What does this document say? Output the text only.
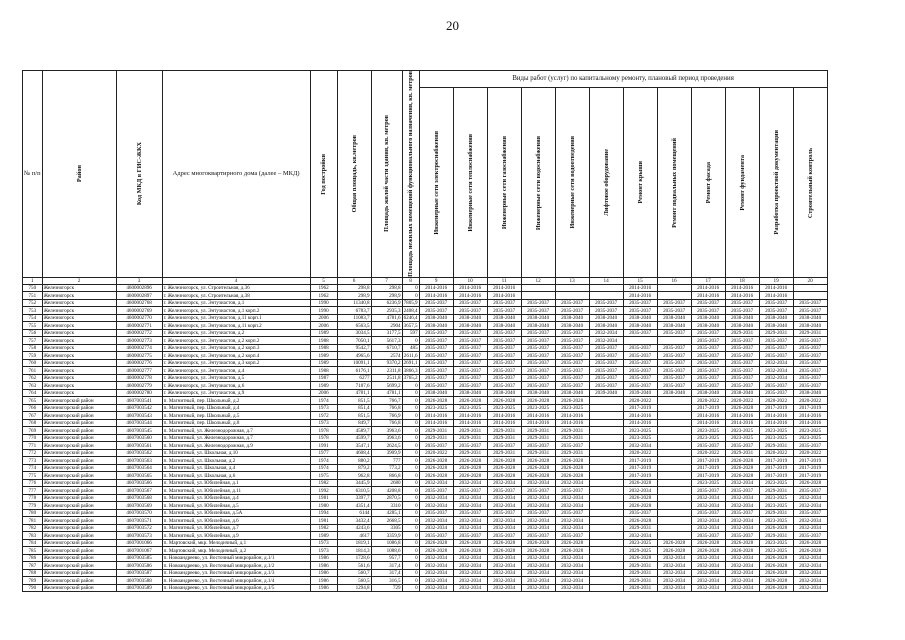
20
№ п/п	Район	Код МКД в ГИС-ЖКХ	Адрес многоквартирного дома (далее – МКД)	Год постройки	Общая площадь, кв.метров	Площадь жилой части здания, кв. метров	Площадь нежилых помещений функционального назначения, кв. метров	Виды работ (услуг) по капитальному ремонту, плановый период проведения											

								Инженерные сети электроснабжения	Инженерные сети теплоснабжения	Инженерные сети газоснабжения	Инженерные сети водоснабжения	Инженерные сети водоотведения	Лифтовое оборудование	Ремонт крыши	Ремонт подвальных помещений	Ремонт фасада	Ремонт фундамента	Разработка проектной документации	Строительный контроль

1	2	3	4	5	6	7	8	9	10	11	12	13	14	15	16	17	18	19	20
750	Железногорск	4600002896	г. Железногорск, ул. Строительная, д.36	1962	298,8	298,8	0	2014-2016	2014-2016	2014-2016				2014-2016		2014-2016	2014-2016	2014-2016	
751	Железногорск	4600002897	г. Железногорск, ул. Строительная, д.38	1962	298,9	298,9	0	2014-2016	2014-2016	2014-2016				2014-2016		2014-2016	2014-2016	2014-2016	
752	Железногорск	4600002768	г. Железногорск, ул. Энтузиастов, д.1	1990	11340,8	6236,9	7805,9	2035-2037	2035-2037	2035-2037	2035-2037	2035-2037	2035-2037	2035-2037	2035-2037	2035-2037	2035-2037	2035-2037	2035-2037
753	Железногорск	4600002769	г. Железногорск, ул. Энтузиастов, д.1 корп.2	1990	6783,7	2935,3	2408,4	2035-2037	2035-2037	2035-2037	2035-2037	2035-2037	2035-2037	2035-2037	2035-2037	2035-2037	2035-2037	2035-2037	2035-2037
754	Железногорск	4600002770	г. Железногорск, ул. Энтузиастов, д.11 корп.1	2006	11083,7	4781,6	6246,4	2038-2040	2038-2040	2038-2040	2038-2040	2038-2040	2038-2040	2038-2040	2038-2040	2038-2040	2038-2040	2038-2040	2038-2040
755	Железногорск	4600002771	г. Железногорск, ул. Энтузиастов, д.11 корп.2	2006	6563,5	2904	3657,5	2038-2040	2038-2040	2038-2040	2038-2040	2038-2040	2038-2040	2038-2040	2038-2040	2038-2040	2038-2040	2038-2040	2038-2040
756	Железногорск	4600002772	г. Железногорск, ул. Энтузиастов, д.2	1989	3034,5	3177,5	597	2035-2037	2035-2037	2035-2037	2035-2037	2035-2037	2032-2034	2035-2037	2035-2037	2035-2037	2029-2031	2029-2031	2029-2031
757	Железногорск	4600002773	г. Железногорск, ул. Энтузиастов, д.2 корп.2	1988	7050,1	5617,3	0	2035-2037	2035-2037	2035-2037	2035-2037	2035-2037	2032-2034			2035-2037	2035-2037	2035-2037	2035-2037
758	Железногорск	4600002774	г. Железногорск, ул. Энтузиастов, д.2 корп.3	1988	9542,7	6710,7	485	2035-2037	2035-2037	2035-2037	2035-2037	2035-2037	2035-2037	2035-2037	2035-2037	2035-2037	2035-2037	2035-2037	2035-2037
759	Железногорск	4600002775	г. Железногорск, ул. Энтузиастов, д.2 корп.4	1989	4965,6	2574	2611,6	2035-2037	2035-2037	2035-2037	2035-2037	2035-2037	2035-2037	2035-2037	2035-2037	2035-2037	2035-2037	2035-2037	2035-2037
760	Железногорск	4600002776	г. Железногорск, ул. Энтузиастов, д.3 корп.2	1989	10091,1	9370,2	2691,1	2035-2037	2035-2037	2035-2037	2035-2037	2035-2037	2035-2037	2035-2037	2035-2037	2035-2037	2035-2037	2032-2034	2035-2037
761	Железногорск	4600002777	г. Железногорск, ул. Энтузиастов, д.4	1988	6176,1	2311,8	3866,3	2035-2037	2035-2037	2035-2037	2035-2037	2035-2037	2035-2037	2035-2037	2035-2037	2035-2037	2035-2037	2032-2034	2035-2037
762	Железногорск	4600002778	г. Железногорск, ул. Энтузиастов, д.5	1987	6277	2511,8	3765,2	2035-2037	2035-2037	2035-2037	2035-2037	2035-2037	2035-2037	2035-2037	2035-2037	2035-2037	2035-2037	2032-2034	2035-2037
763	Железногорск	4600002779	г. Железногорск, ул. Энтузиастов, д.6	1989	7187,6	5699,2	0	2035-2037	2035-2037	2035-2037	2035-2037	2035-2037	2035-2037	2035-2037	2035-2037	2035-2037	2035-2037	2035-2037	2035-2037
764	Железногорск	4600002780	г. Железногорск, ул. Энтузиастов, д.9	2006	4781,1	4781,1	0	2038-2040	2038-2040	2038-2040	2038-2040	2038-2040	2039-2040	2039-2040	2038-2040	2038-2040	2038-2040	2035-2037	2038-2040
765	Железногорский район	4607003541	п. Магнитный, пер. Школьный, д.2	1974	851,5	766,7	0	2026-2028	2026-2028	2026-2028	2026-2028	2026-2028		2020-2022		2020-2022	2020-2022	2020-2022	2020-2022
766	Железногорский район	4607003542	п. Магнитный, пер. Школьный, д.4	1973	851,4	766,8	0	2023-2025	2023-2025	2023-2025	2023-2025	2023-2025		2017-2019		2017-2019	2026-2028	2017-2019	2017-2019
767	Железногорский район	4607003543	п. Магнитный, пер. Школьный, д.5	1972	851,5	766,9	0	2014-2016	2014-2016	2014-2016	2014-2016	2014-2016		2014-2016		2014-2016	2014-2016	2014-2016	2014-2016
768	Железногорский район	4607003544	п. Магнитный, пер. Школьный, д.8	1973	849,7	766,8	0	2014-2016	2014-2016	2014-2016	2014-2016	2014-2016		2014-2016		2014-2016	2014-2016	2014-2016	2014-2016
769	Железногорский район	4607003545	п. Магнитный, ул. Железнодорожная, д.7	1978	4589,7	3963,6	0	2029-2031	2029-2031	2029-2031	2029-2031	2029-2031		2023-2025		2023-2025	2023-2025	2023-2025	2023-2025
770	Железногорский район	4607003560	п. Магнитный, ул. Железнодорожная, д.7	1978	4599,7	3963,6	0	2029-2031	2029-2031	2029-2031	2029-2031	2029-2031		2023-2025		2023-2025	2023-2025	2023-2025	2023-2025
771	Железногорский район	4607003561	п. Магнитный, ул. Железнодорожная, д.9	1991	3547,1	2624,5	0	2035-2037	2035-2037	2035-2037	2035-2037	2035-2037		2032-2034		2035-2037	2035-2037	2029-2031	2035-2037
772	Железногорский район	4607003562	п. Магнитный, ул. Школьная, д.10	1977	4608,4	3909,9	0	2020-2022	2029-2031	2029-2031	2029-2031	2029-2031		2020-2022		2020-2022	2029-2031	2020-2022	2020-2022
773	Железногорский район	4607003563	п. Магнитный, ул. Школьная, д.2	1974	880,2	777	0	2026-2028	2026-2028	2026-2028	2026-2028	2026-2028		2017-2019		2017-2019	2026-2028	2017-2019	2017-2019
774	Железногорский район	4607003564	п. Магнитный, ул. Школьная, д.4	1974	879,2	773,2	0	2026-2028	2026-2028	2026-2028	2026-2028	2026-2028		2017-2019		2017-2019	2026-2028	2017-2019	2017-2019
775	Железногорский район	4607003565	п. Магнитный, ул. Школьная, д.6	1975	962,8	866,8	0	2026-2028	2026-2028	2026-2028	2026-2028	2026-2028		2017-2019		2017-2019	2026-2028	2017-2019	2017-2019
776	Железногорский район	4607003566	п. Магнитный, ул. Юбилейная, д.1	1982	3445,9	2680	0	2032-2034	2032-2034	2032-2034	2032-2034	2032-2034		2026-2028		2023-2025	2032-2034	2023-2025	2026-2028
777	Железногорский район	4607003567	п. Магнитный, ул. Юбилейная, д.11	1992	6310,5	4208,8	0	2035-2037	2035-2037	2035-2037	2035-2037	2035-2037		2032-2034		2035-2037	2035-2037	2029-2031	2035-2037
778	Железногорский район	4607003568	п. Магнитный, ул. Юбилейная, д.4	1981	3397,7	2870,5	0	2032-2034	2032-2034	2032-2034	2032-2034	2032-2034		2026-2028		2032-2034	2032-2034	2023-2025	2032-2034
779	Железногорский район	4607003569	п. Магнитный, ул. Юбилейная, д.5	1980	4351,4	3310	0	2032-2034	2032-2034	2032-2034	2032-2034	2032-2034		2026-2028		2032-2034	2032-2034	2023-2025	2032-2034
780	Железногорский район	4607003570	п. Магнитный, ул. Юбилейная, д.5А	1994	6144	4285,1	0	2035-2037	2035-2037	2035-2037	2035-2037	2035-2037		2035-2037		2035-2037	2035-2037	2029-2031	2035-2037
781	Железногорский район	4607003571	п. Магнитный, ул. Юбилейная, д.6	1981	3432,4	2668,5	0	2032-2034	2032-2034	2032-2034	2032-2034	2032-2034		2026-2028		2032-2034	2032-2034	2023-2025	2032-2034
782	Железногорский район	4607003572	п. Магнитный, ул. Юбилейная, д.7	1982	4243,6	3305	0	2032-2034	2032-2034	2032-2034	2032-2034	2032-2034		2029-2031		2032-2034	2032-2034	2026-2028	2032-2034
783	Железногорский район	4607003573	п. Магнитный, ул. Юбилейная, д.9	1989	4617	3359,9	0	2035-2037	2035-2037	2035-2037	2035-2037	2035-2037		2032-2034		2035-2037	2035-2037	2029-2031	2035-2037
784	Железногорский район	4607001066	п. Мартовский, мкр. Мелодичный, д.1	1973	1819,1	1086,8	0	2026-2028	2026-2028	2026-2028	2026-2028	2026-2028		2023-2025	2026-2028	2026-2028	2026-2028	2023-2025	2026-2028
785	Железногорский район	4607001067	п. Мартовский, мкр. Мелодичный, д.2	1973	1814,3	1088,6	0	2026-2028	2026-2028	2026-2028	2026-2028	2026-2028		2029-2025	2026-2028	2026-2028	2026-2028	2023-2025	2026-2028
786	Железногорский район	4607003585	п. Новоандреево, ул. Восточный микрорайон, д.1/1	1986	1728,6	957,7	0	2032-2034	2032-2034	2032-2034	2032-2034	2032-2034		2026-2028	2032-2034	2032-2034	2032-2034	2026-2028	2032-2034
787	Железногорский район	4607003586	п. Новоандреево, ул. Восточный микрорайон, д.1/2	1986	561,6	317,4	0	2032-2034	2032-2034	2032-2034	2032-2034	2032-2034		2029-2031	2032-2034	2032-2034	2032-2034	2026-2028	2032-2034
788	Железногорский район	4607003587	п. Новоандреево, ул. Восточный микрорайон, д.1/3	1986	560,7	317,4	0	2032-2034	2032-2034	2032-2034	2032-2034	2032-2034		2029-2031	2032-2034	2032-2034	2032-2034	2026-2028	2032-2034
789	Железногорский район	4607003588	п. Новоандреево, ул. Восточный микрорайон, д.1/4	1986	560,5	316,5	0	2032-2034	2032-2034	2032-2034	2032-2034	2032-2034		2029-2031	2032-2034	2032-2034	2032-2034	2026-2028	2032-2034
790	Железногорский район	4607003589	п. Новоандреево, ул. Восточный микрорайон, д.1/5	1986	1294,8	729	0	2032-2034	2032-2034	2032-2034	2032-2034	2032-2034		2020-2031	2032-2034	2032-2034	2032-2034	2026-2028	2032-2034
